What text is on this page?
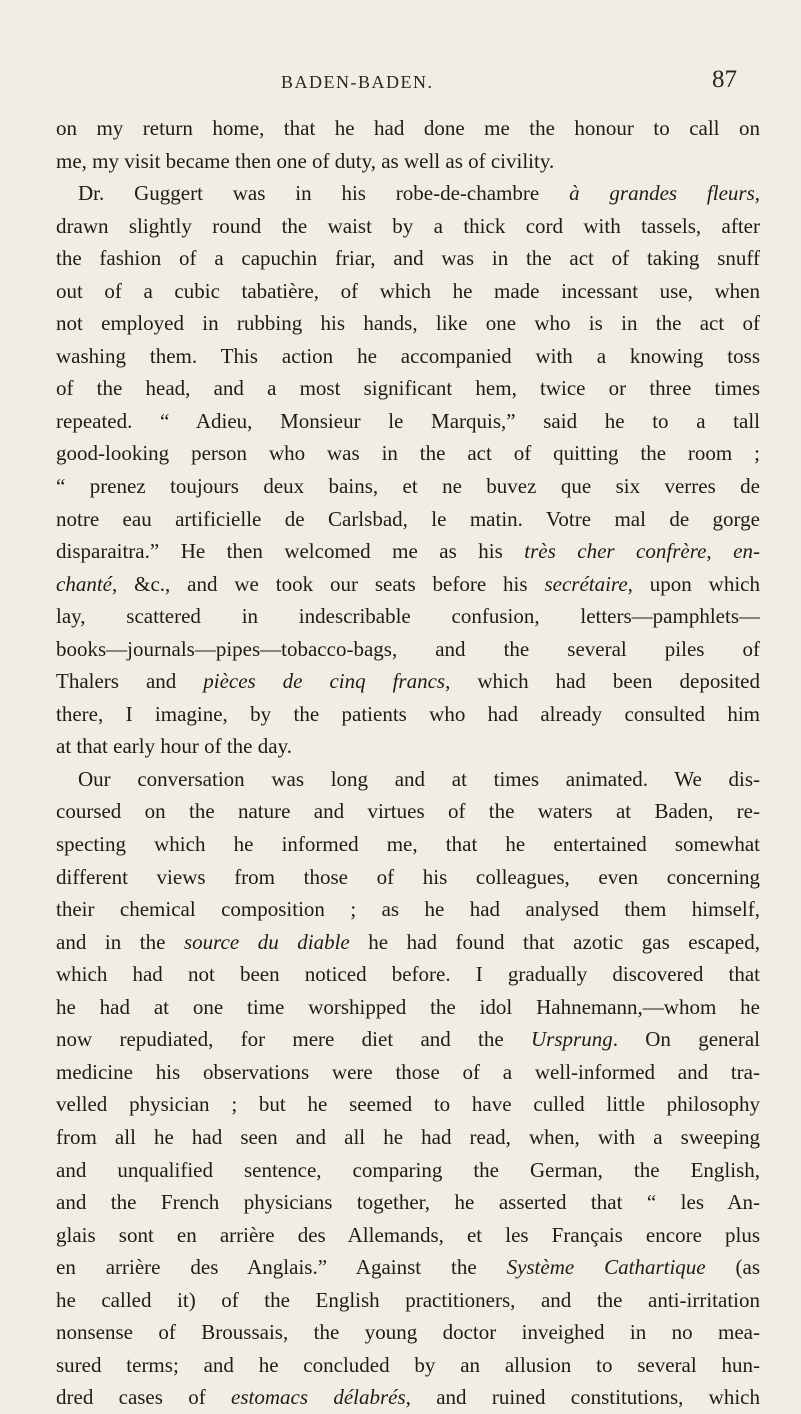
BADEN-BADEN.	87
on my return home, that he had done me the honour to call on
me, my visit became then one of duty, as well as of civility.
Dr. Guggert was in his robe-de-chambre à grandes fleurs,
drawn slightly round the waist by a thick cord with tassels, after
the fashion of a capuchin friar, and was in the act of taking snuff
out of a cubic tabatière, of which he made incessant use, when
not employed in rubbing his hands, like one who is in the act of
washing them. This action he accompanied with a knowing toss
of the head, and a most significant hem, twice or three times
repeated. “ Adieu, Monsieur le Marquis,” said he to a tall
good-looking person who was in the act of quitting the room ;
“ prenez toujours deux bains, et ne buvez que six verres de
notre eau artificielle de Carlsbad, le matin. Votre mal de gorge
disparaitra.” He then welcomed me as his très cher confrère, en-
chanté, &c., and we took our seats before his secrétaire, upon which
lay, scattered in indescribable confusion, letters—pamphlets—
books—journals—pipes—tobacco-bags, and the several piles of
Thalers and pièces de cinq francs, which had been deposited
there, I imagine, by the patients who had already consulted him
at that early hour of the day.
Our conversation was long and at times animated. We dis-
coursed on the nature and virtues of the waters at Baden, re-
specting which he informed me, that he entertained somewhat
different views from those of his colleagues, even concerning
their chemical composition ; as he had analysed them himself,
and in the source du diable he had found that azotic gas escaped,
which had not been noticed before. I gradually discovered that
he had at one time worshipped the idol Hahnemann,—whom he
now repudiated, for mere diet and the Ursprung. On general
medicine his observations were those of a well-informed and tra-
velled physician ; but he seemed to have culled little philosophy
from all he had seen and all he had read, when, with a sweeping
and unqualified sentence, comparing the German, the English,
and the French physicians together, he asserted that “ les An-
glais sont en arrière des Allemands, et les Français encore plus
en arrière des Anglais.” Against the Système Cathartique (as
he called it) of the English practitioners, and the anti-irritation
nonsense of Broussais, the young doctor inveighed in no mea-
sured terms; and he concluded by an allusion to several hun-
dred cases of estomacs délabrés, and ruined constitutions, which
